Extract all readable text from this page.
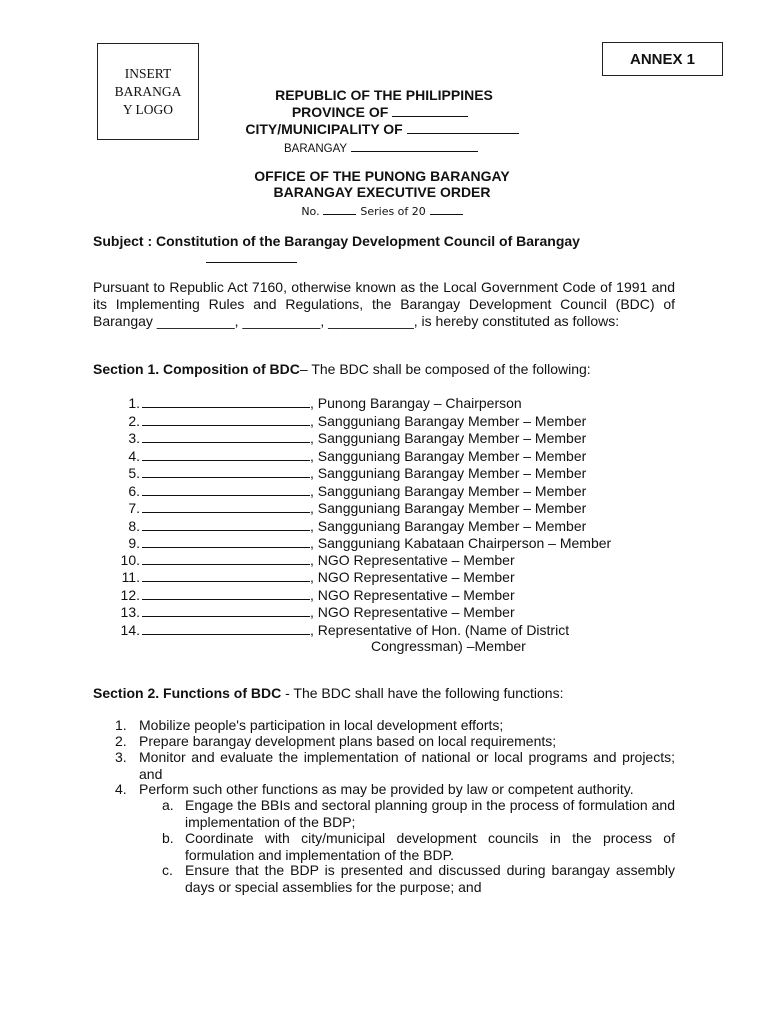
INSERT
BARANGA
Y LOGO
ANNEX 1
REPUBLIC OF THE PHILIPPINES
PROVINCE OF
CITY/MUNICIPALITY OF
BARANGAY
OFFICE OF THE PUNONG BARANGAY
BARANGAY EXECUTIVE ORDER
No.	Series of 20
Subject : Constitution of the Barangay Development Council of Barangay
Pursuant to Republic Act 7160, otherwise known as the Local Government Code of 1991 and its Implementing Rules and Regulations, the Barangay Development Council (BDC) of Barangay __________, __________, ___________, is hereby constituted as follows:
Section 1. Composition of BDC– The BDC shall be composed of the following:
1.	, Punong Barangay – Chairperson
2.	, Sangguniang Barangay Member – Member
3.	, Sangguniang Barangay Member – Member
4.	, Sangguniang Barangay Member – Member
5.	, Sangguniang Barangay Member – Member
6.	, Sangguniang Barangay Member – Member
7.	, Sangguniang Barangay Member – Member
8.	, Sangguniang Barangay Member – Member
9.	, Sangguniang Kabataan Chairperson – Member
10.	, NGO Representative – Member
11.	, NGO Representative – Member
12.	, NGO Representative – Member
13.	, NGO Representative – Member
14.	, Representative of Hon. (Name of District
Congressman) –Member
Section 2. Functions of BDC - The BDC shall have the following functions:
1. Mobilize people's participation in local development efforts;
2. Prepare barangay development plans based on local requirements;
3. Monitor and evaluate the implementation of national or local programs and projects; and
4. Perform such other functions as may be provided by law or competent authority.
a. Engage the BBIs and sectoral planning group in the process of formulation and implementation of the BDP;
b. Coordinate with city/municipal development councils in the process of formulation and implementation of the BDP.
c. Ensure that the BDP is presented and discussed during barangay assembly days or special assemblies for the purpose; and
